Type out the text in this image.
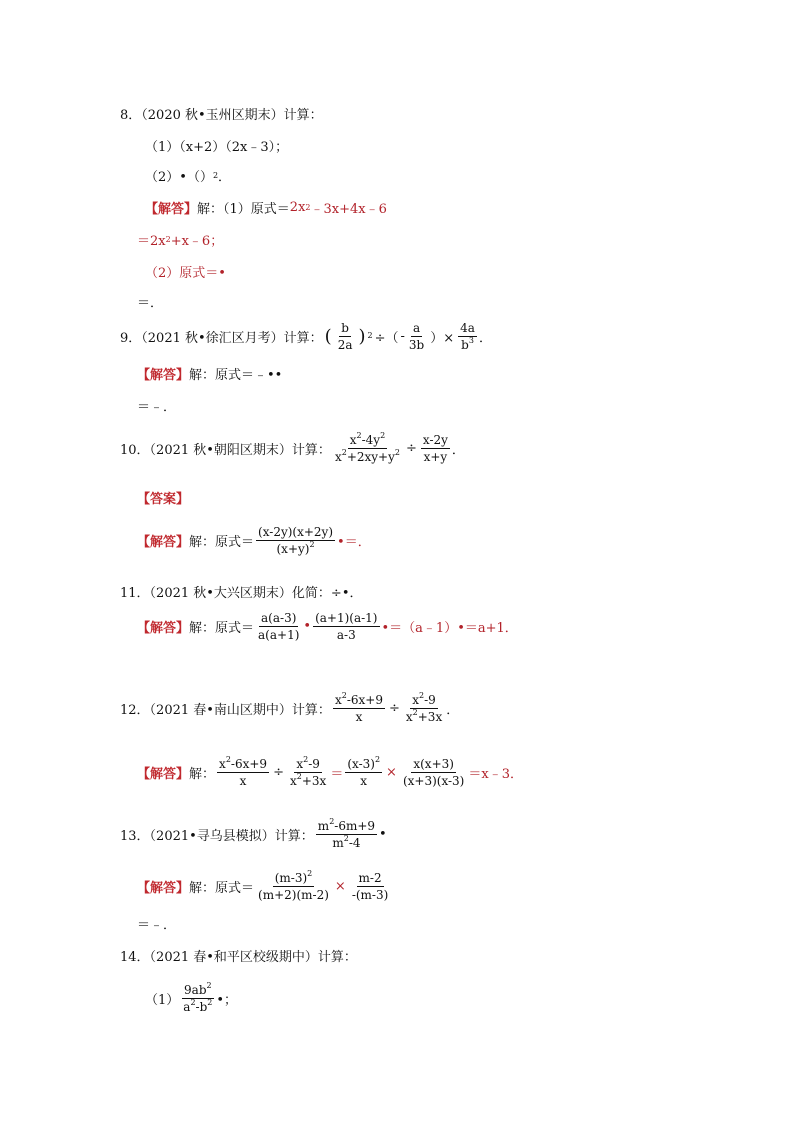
8．（2020 秋•玉州区期末）计算：
（1）（x+2）（2x﹣3）；
（2）•（） 2 ．
【解答】 解：（1）原式＝ 2x 2 ﹣3x+4x﹣6
＝2x 2 +x﹣6；
（2）原式＝•
＝．
9．（2021 秋•徐汇区月考）计算： ( $\frac{b}{2a}$ ) 2 ÷（ - $\frac{a}{3b}$ ）× $\frac{4a}{b^3}$ ．
【解答】 解：原式＝﹣••
＝﹣．
10．（2021 秋•朝阳区期末）计算： $\frac{x^2-4y^2}{x^2+2xy+y^2} \div \frac{x-2y}{x+y}$ ．
【答案】
【解答】 解：原式＝ $\frac{(x-2y)(x+2y)}{(x+y)^2}$ •＝．
11．（2021 秋•大兴区期末）化简：÷•．
【解答】 解：原式＝ $\frac{a(a-3)}{a(a+1)}$ • $\frac{(a+1)(a-1)}{a-3}$ •＝（a﹣1）•＝a+1．
12．（2021 春•南山区期中）计算： $\frac{x^2-6x+9}{x} \div \frac{x^2-9}{x^2+3x}$ ．
【解答】 解： $\frac{x^2-6x+9}{x} \div \frac{x^2-9}{x^2+3x} = \frac{(x-3)^2}{x} \times \frac{x(x+3)}{(x+3)(x-3)}$ ＝x﹣3．
13．（2021•寻乌县模拟）计算： $\frac{m^2-6m+9}{m^2-4}$ •
【解答】 解：原式＝ $\frac{(m-3)^2}{(m+2)(m-2)} \times \frac{m-2}{-(m-3)}$
＝﹣．
14．（2021 春•和平区校级期中）计算：
$(1) \frac{9ab^2}{a^2-b^2}$ •；
